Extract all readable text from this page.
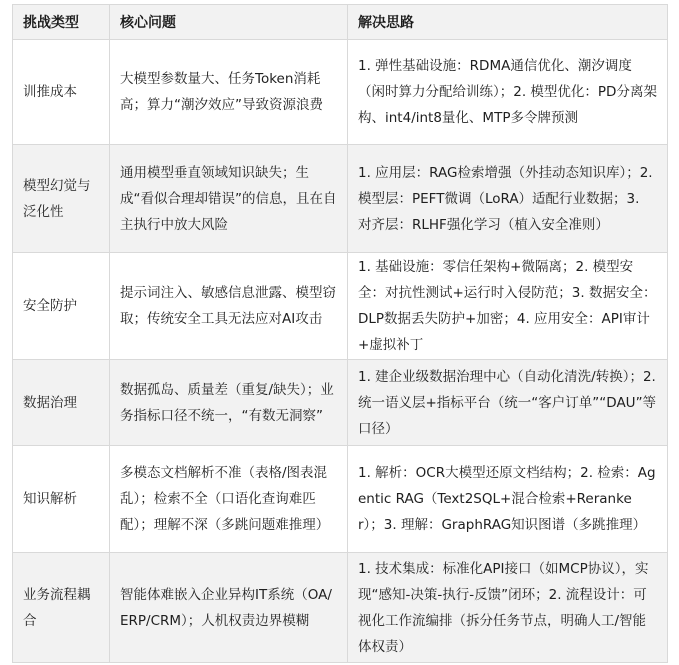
挑战类型	核心问题	解决思路
训推成本	大模型参数量大、任务Token消耗高；算力“潮汐效应”导致资源浪费	1. 弹性基础设施：RDMA通信优化、潮汐调度（闲时算力分配给训练）；2. 模型优化：PD分离架构、int4/int8量化、MTP多令牌预测
模型幻觉与泛化性	通用模型垂直领域知识缺失；生成“看似合理却错误”的信息，且在自主执行中放大风险	1. 应用层：RAG检索增强（外挂动态知识库）；2. 模型层：PEFT微调（LoRA）适配行业数据；3. 对齐层：RLHF强化学习（植入安全准则）
安全防护	提示词注入、敏感信息泄露、模型窃取；传统安全工具无法应对AI攻击	1. 基础设施：零信任架构+微隔离；2. 模型安全：对抗性测试+运行时入侵防范；3. 数据安全：DLP数据丢失防护+加密；4. 应用安全：API审计+虚拟补丁
数据治理	数据孤岛、质量差（重复/缺失）；业务指标口径不统一，“有数无洞察”	1. 建企业级数据治理中心（自动化清洗/转换）；2. 统一语义层+指标平台（统一“客户订单”“DAU”等口径）
知识解析	多模态文档解析不准（表格/图表混乱）；检索不全（口语化查询难匹配）；理解不深（多跳问题难推理）	1. 解析：OCR大模型还原文档结构；2. 检索：Agentic RAG（Text2SQL+混合检索+Reranker）；3. 理解：GraphRAG知识图谱（多跳推理）
业务流程耦合	智能体难嵌入企业异构IT系统（OA/ERP/CRM）；人机权责边界模糊	1. 技术集成：标准化API接口（如MCP协议），实现“感知-决策-执行-反馈”闭环；2. 流程设计：可视化工作流编排（拆分任务节点，明确人工/智能体权责）
